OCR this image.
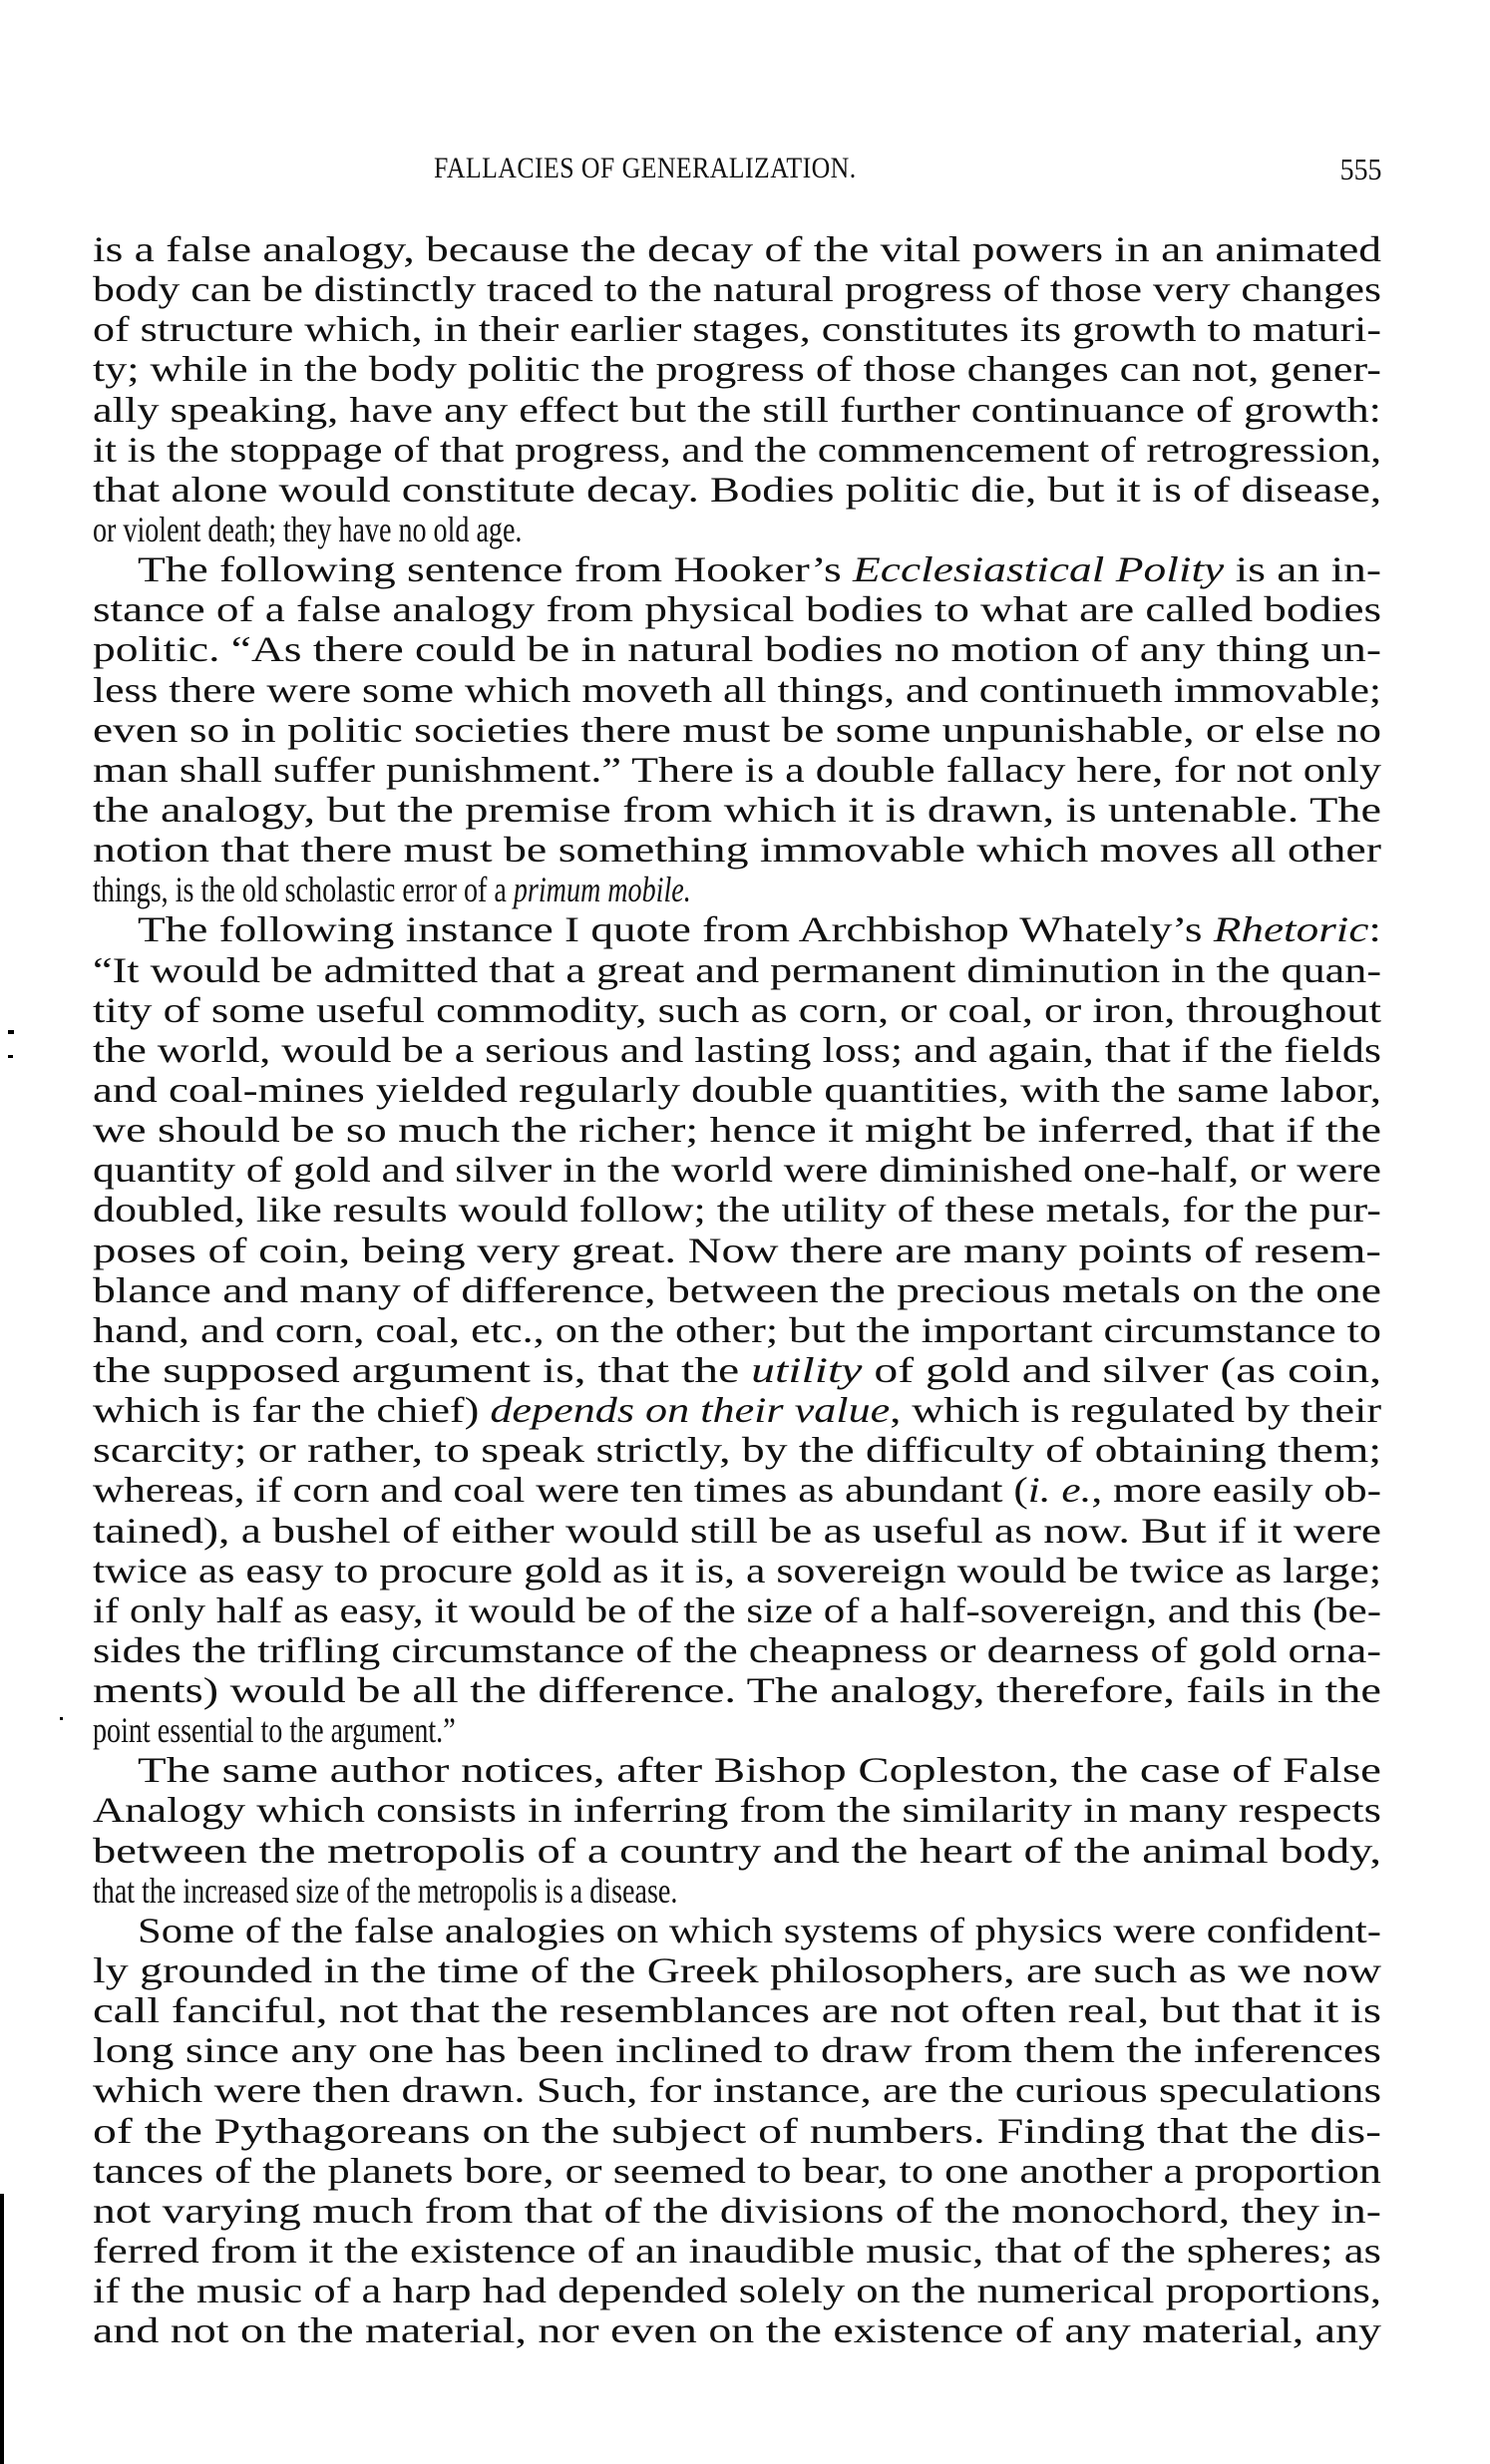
FALLACIES OF GENERALIZATION.	555
is a false analogy, because the decay of the vital powers in an animated
body can be distinctly traced to the natural progress of those very changes
of structure which, in their earlier stages, constitutes its growth to maturi-
ty; while in the body politic the progress of those changes can not, gener-
ally speaking, have any effect but the still further continuance of growth:
it is the stoppage of that progress, and the commencement of retrogression,
that alone would constitute decay. Bodies politic die, but it is of disease,
or violent death; they have no old age.
The following sentence from Hooker’s Ecclesiastical Polity is an in-
stance of a false analogy from physical bodies to what are called bodies
politic. “As there could be in natural bodies no motion of any thing un-
less there were some which moveth all things, and continueth immovable;
even so in politic societies there must be some unpunishable, or else no
man shall suffer punishment.” There is a double fallacy here, for not only
the analogy, but the premise from which it is drawn, is untenable. The
notion that there must be something immovable which moves all other
things, is the old scholastic error of a primum mobile.
The following instance I quote from Archbishop Whately’s Rhetoric:
“It would be admitted that a great and permanent diminution in the quan-
tity of some useful commodity, such as corn, or coal, or iron, throughout
the world, would be a serious and lasting loss; and again, that if the fields
and coal-mines yielded regularly double quantities, with the same labor,
we should be so much the richer; hence it might be inferred, that if the
quantity of gold and silver in the world were diminished one-half, or were
doubled, like results would follow; the utility of these metals, for the pur-
poses of coin, being very great. Now there are many points of resem-
blance and many of difference, between the precious metals on the one
hand, and corn, coal, etc., on the other; but the important circumstance to
the supposed argument is, that the utility of gold and silver (as coin,
which is far the chief) depends on their value, which is regulated by their
scarcity; or rather, to speak strictly, by the difficulty of obtaining them;
whereas, if corn and coal were ten times as abundant (i. e., more easily ob-
tained), a bushel of either would still be as useful as now. But if it were
twice as easy to procure gold as it is, a sovereign would be twice as large;
if only half as easy, it would be of the size of a half-sovereign, and this (be-
sides the trifling circumstance of the cheapness or dearness of gold orna-
ments) would be all the difference. The analogy, therefore, fails in the
point essential to the argument.”
The same author notices, after Bishop Copleston, the case of False
Analogy which consists in inferring from the similarity in many respects
between the metropolis of a country and the heart of the animal body,
that the increased size of the metropolis is a disease.
Some of the false analogies on which systems of physics were confident-
ly grounded in the time of the Greek philosophers, are such as we now
call fanciful, not that the resemblances are not often real, but that it is
long since any one has been inclined to draw from them the inferences
which were then drawn. Such, for instance, are the curious speculations
of the Pythagoreans on the subject of numbers. Finding that the dis-
tances of the planets bore, or seemed to bear, to one another a proportion
not varying much from that of the divisions of the monochord, they in-
ferred from it the existence of an inaudible music, that of the spheres; as
if the music of a harp had depended solely on the numerical proportions,
and not on the material, nor even on the existence of any material, any
